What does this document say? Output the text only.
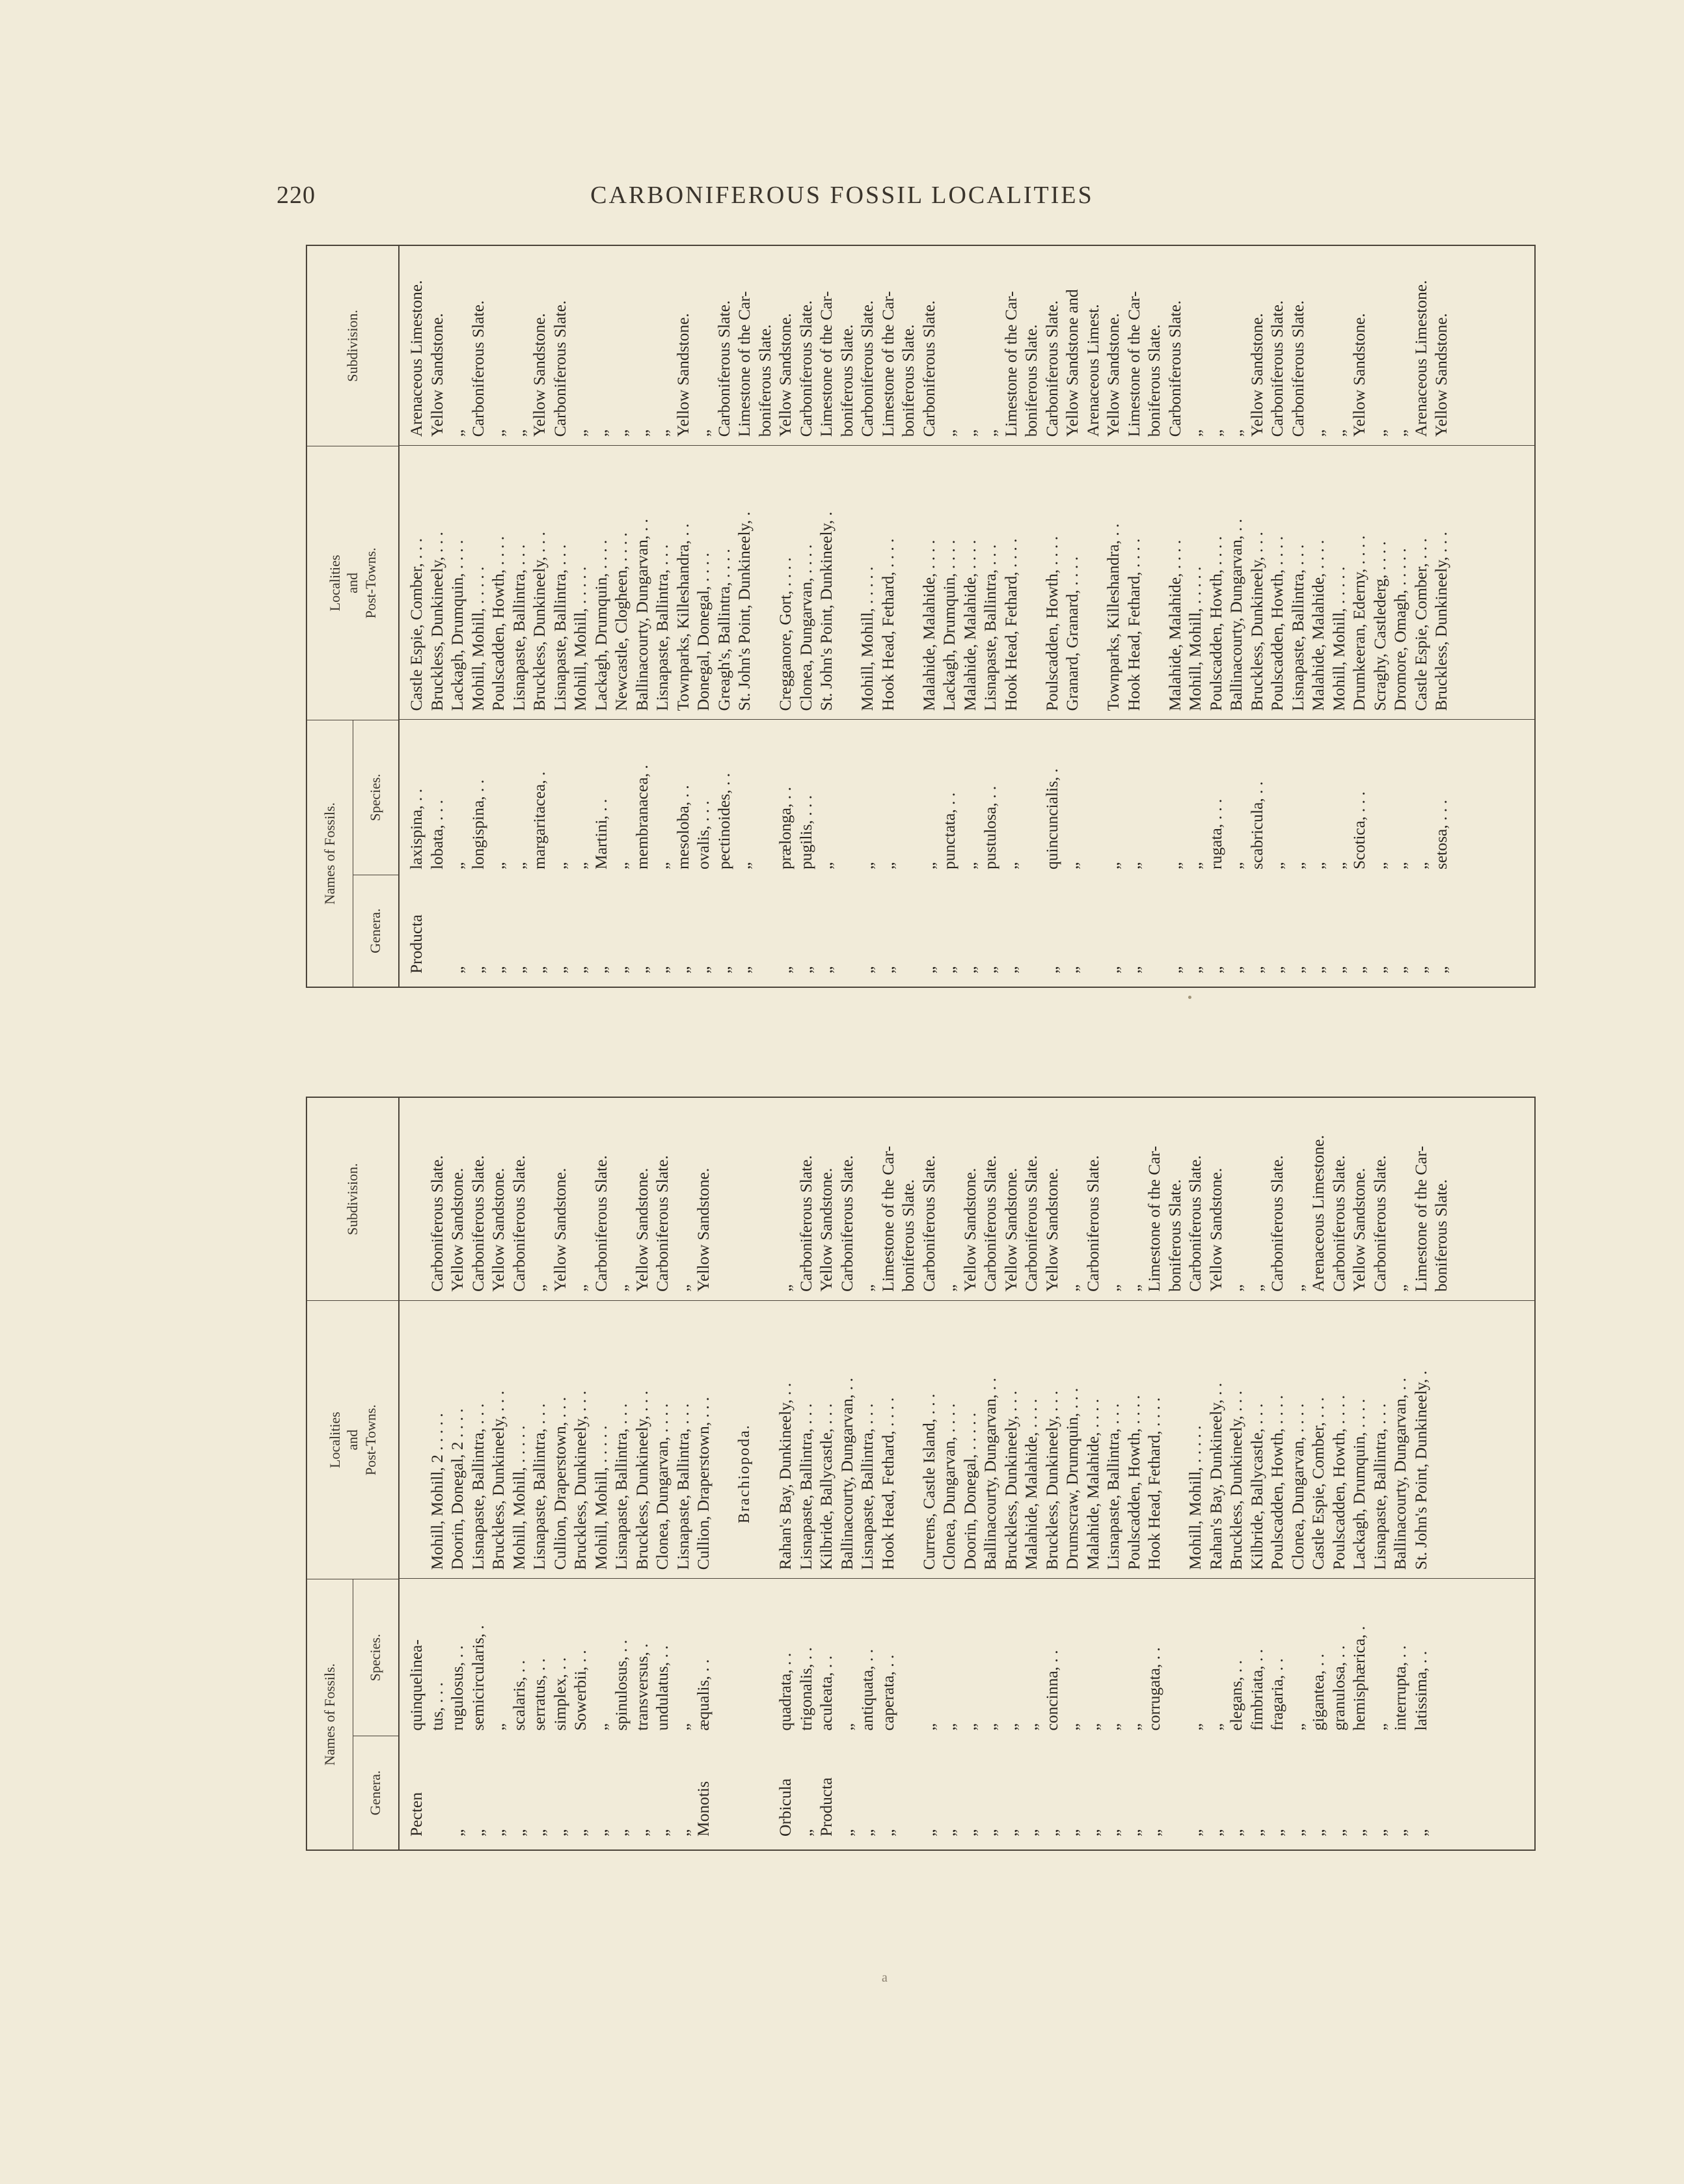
220	CARBONIFEROUS FOSSIL LOCALITIES
Names of Fossils.
Genera.
Species.
Localities
and
Post-Towns.
Subdivision.
Producta
laxispina, . .
Castle Espie, Comber, . . .
Arenaceous Limestone.
lobata, . . .
Bruckless, Dunkineely, . . .
Yellow Sandstone.
„
„
Lackagh, Drumquin, . . . .
„
„
longispina, . .
Mohill, Mohill, . . . . .
Carboniferous Slate.
„
„
Poulscadden, Howth, . . . .
„
„
„
Lisnapaste, Ballintra, . . .
„
„
margaritacea, .
Bruckless, Dunkineely, . . .
Yellow Sandstone.
„
„
Lisnapaste, Ballintra, . . .
Carboniferous Slate.
„
„
Mohill, Mohill, . . . . .
„
„
Martini, . .
Lackagh, Drumquin, . . . .
„
„
„
Newcastle, Clogheen, . . . .
„
„
membranacea, .
Ballinacourty, Dungarvan, . .
„
„
„
Lisnapaste, Ballintra, . . .
„
„
mesoloba, . .
Townparks, Killeshandra, . .
Yellow Sandstone.
„
ovalis, . . .
Donegal, Donegal, . . . .
„
„
pectinoides, . .
Greagh's, Ballintra, . . . .
Carboniferous Slate.
„
„
St. John's Point, Dunkineely, .
Limestone of the Car- boniferous Slate.
„
prælonga, . .
Cregganore, Gort, . . . .
Yellow Sandstone.
„
pugilis, . . .
Clonea, Dungarvan, . . . .
Carboniferous Slate.
„
„
St. John's Point, Dunkineely, .
Limestone of the Car- boniferous Slate.
„
„
Mohill, Mohill, . . . . .
Carboniferous Slate.
„
„
Hook Head, Fethard, . . . .
Limestone of the Car- boniferous Slate.
„
„
Malahide, Malahide, . . . .
Carboniferous Slate.
„
punctata, . .
Lackagh, Drumquin, . . . .
„
„
„
Malahide, Malahide, . . . .
„
„
pustulosa, . .
Lisnapaste, Ballintra, . . .
„
„
„
Hook Head, Fethard, . . . .
Limestone of the Car- boniferous Slate.
„
quincuncialis, .
Poulscadden, Howth, . . . .
Carboniferous Slate.
„
„
Granard, Granard, . . . .
Yellow Sandstone and Arenaceous Limest.
„
„
Townparks, Killeshandra, . .
Yellow Sandstone.
„
„
Hook Head, Fethard, . . . .
Limestone of the Car- boniferous Slate.
„
„
Malahide, Malahide, . . . .
Carboniferous Slate.
„
„
Mohill, Mohill, . . . . .
„
„
rugata, . . .
Poulscadden, Howth, . . . .
„
„
„
Ballinacourty, Dungarvan, . .
„
„
scabricula, . .
Bruckless, Dunkineely, . . .
Yellow Sandstone.
„
„
Poulscadden, Howth, . . . .
Carboniferous Slate.
„
„
Lisnapaste, Ballintra, . . .
Carboniferous Slate.
„
„
Malahide, Malahide, . . . .
„
„
„
Mohill, Mohill, . . . . .
„
„
Scotica, . . .
Drumkeeran, Ederny, . . . .
Yellow Sandstone.
„
„
Scraghy, Castlederg, . . . .
„
„
„
Dromore, Omagh, . . . . .
„
„
„
Castle Espie, Comber, . . .
Arenaceous Limestone.
„
setosa, . . .
Bruckless, Dunkineely, . . .
Yellow Sandstone.
Names of Fossils.
Genera.
Species.
Localities
and
Post-Towns.
Subdivision.
Pecten
quinquelinea- tus, . . .
Mohill, Mohill, 2 . . . . .
Carboniferous Slate.
„
rugulosus, . .
Doorin, Donegal, 2 . . . .
Yellow Sandstone.
„
semicircularis, .
Lisnapaste, Ballintra, . . .
Carboniferous Slate.
„
„
Bruckless, Dunkineely, . . .
Yellow Sandstone.
„
scalaris, . .
Mohill, Mohill, . . . . .
Carboniferous Slate.
„
serratus, . .
Lisnapaste, Ballintra, . . .
„
„
simplex, . .
Cullion, Draperstown, . . .
Yellow Sandstone.
„
Sowerbii, . .
Bruckless, Dunkineely, . . .
„
„
„
Mohill, Mohill, . . . . .
Carboniferous Slate.
„
spinulosus, . .
Lisnapaste, Ballintra, . . .
„
„
transversus, .
Bruckless, Dunkineely, . . .
Yellow Sandstone.
„
undulatus, . .
Clonea, Dungarvan, . . . .
Carboniferous Slate.
„
„
Lisnapaste, Ballintra, . . .
„
Monotis
æqualis, . .
Cullion, Draperstown, . . .
Yellow Sandstone.
Brachiopoda.
Orbicula
quadrata, . .
Rahan's Bay, Dunkineely, . .
„
„
trigonalis, . .
Lisnapaste, Ballintra, . . .
Carboniferous Slate.
Producta
aculeata, . .
Kilbride, Ballycastle, . . .
Yellow Sandstone.
„
„
Ballinacourty, Dungarvan, . .
Carboniferous Slate.
„
antiquata, . .
Lisnapaste, Ballintra, . . .
„
„
caperata, . .
Hook Head, Fethard, . . . .
Limestone of the Car- boniferous Slate.
„
„
Currens, Castle Island, . . .
Carboniferous Slate.
„
„
Clonea, Dungarvan, . . . .
„
„
„
Doorin, Donegal, . . . . .
Yellow Sandstone.
„
„
Ballinacourty, Dungarvan, . .
Carboniferous Slate.
„
„
Bruckless, Dunkineely, . . .
Yellow Sandstone.
„
„
Malahide, Malahide, . . . .
Carboniferous Slate.
„
concinna, . .
Bruckless, Dunkineely, . . .
Yellow Sandstone.
„
„
Drumscraw, Drumquin, . . .
„
„
„
Malahide, Malahide, . . . .
Carboniferous Slate.
„
„
Lisnapaste, Ballintra, . . .
„
„
„
Poulscadden, Howth, . . . .
„
„
corrugata, . .
Hook Head, Fethard, . . . .
Limestone of the Car- boniferous Slate.
„
„
Mohill, Mohill, . . . . .
Carboniferous Slate.
„
„
Rahan's Bay, Dunkineely, . .
Yellow Sandstone.
„
elegans, . .
Bruckless, Dunkineely, . . .
„
„
fimbriata, . .
Kilbride, Ballycastle, . . .
„
„
fragaria, . .
Poulscadden, Howth, . . . .
Carboniferous Slate.
„
„
Clonea, Dungarvan, . . . .
„
„
gigantea, . .
Castle Espie, Comber, . . .
Arenaceous Limestone.
„
granulosa, . .
Poulscadden, Howth, . . . .
Carboniferous Slate.
„
hemisphærica, .
Lackagh, Drumquin, . . . .
Yellow Sandstone.
„
„
Lisnapaste, Ballintra, . . .
Carboniferous Slate.
„
interrupta, . .
Ballinacourty, Dungarvan, . .
„
„
latissima, . .
St. John's Point, Dunkineely, .
Limestone of the Car- boniferous Slate.
a
